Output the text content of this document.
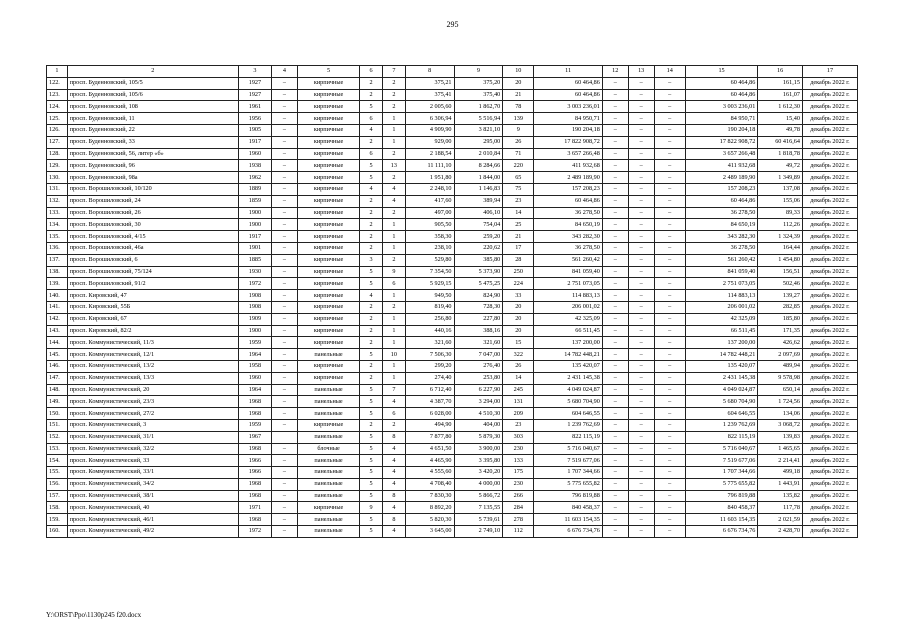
295
1	2	3	4	5	6	7	8	9	10	11	12	13	14	15	16	17
122.	просп. Буденновский, 105/5	1927	–	кирпичные	2	2	375,21	375,20	20	60 464,86	–	–	–	60 464,86	161,15	декабрь 2022 г.
123.	просп. Буденновский, 105/6	1927	–	кирпичные	2	2	375,41	375,40	21	60 464,86	–	–	–	60 464,86	161,07	декабрь 2022 г.
124.	просп. Буденновский, 108	1961	–	кирпичные	5	2	2 005,60	1 862,70	78	3 003 236,01	–	–	–	3 003 236,01	1 612,30	декабрь 2022 г.
125.	просп. Буденновский, 11	1956	–	кирпичные	6	1	6 306,94	5 516,94	139	84 950,71	–	–	–	84 950,71	15,40	декабрь 2022 г.
126.	просп. Буденновский, 22	1905	–	кирпичные	4	1	4 909,90	3 821,10	9	190 204,18	–	–	–	190 204,18	49,78	декабрь 2022 г.
127.	просп. Буденновский, 33	1917	–	кирпичные	2	1	929,00	295,00	26	17 822 908,72	–	–	–	17 822 908,72	60 416,64	декабрь 2022 г.
128.	просп. Буденновский, 56, литер «б»	1960	–	кирпичные	6	2	2 188,54	2 010,84	71	3 657 266,48	–	–	–	3 657 266,48	1 818,78	декабрь 2022 г.
129.	просп. Буденновский, 96	1938	–	кирпичные	5	13	11 111,10	8 284,66	220	411 932,68	–	–	–	411 932,68	49,72	декабрь 2022 г.
130.	просп. Буденновский, 98а	1962	–	кирпичные	5	2	1 951,80	1 844,00	65	2 489 189,90	–	–	–	2 489 189,90	1 349,89	декабрь 2022 г.
131.	просп. Ворошиловский, 10/120	1889	–	кирпичные	4	4	2 248,10	1 146,83	75	157 208,23	–	–	–	157 208,23	137,08	декабрь 2022 г.
132.	просп. Ворошиловский, 24	1859	–	кирпичные	2	4	417,60	389,94	23	60 464,86	–	–	–	60 464,86	155,06	декабрь 2022 г.
133.	просп. Ворошиловский, 26	1900	–	кирпичные	2	2	497,00	406,10	14	36 278,50	–	–	–	36 278,50	89,33	декабрь 2022 г.
134.	просп. Ворошиловский, 30	1900	–	кирпичные	2	1	905,50	754,04	25	84 650,19	–	–	–	84 650,19	112,26	декабрь 2022 г.
135.	просп. Ворошиловский, 4/15	1917	–	кирпичные	2	1	358,30	259,20	21	343 282,30	–	–	–	343 282,30	1 324,39	декабрь 2022 г.
136.	просп. Ворошиловский, 46а	1901	–	кирпичные	2	1	238,10	220,62	17	36 278,50	–	–	–	36 278,50	164,44	декабрь 2022 г.
137.	просп. Ворошиловский, 6	1885	–	кирпичные	3	2	529,80	385,80	28	561 260,42	–	–	–	561 260,42	1 454,80	декабрь 2022 г.
138.	просп. Ворошиловский, 75/124	1930	–	кирпичные	5	9	7 354,50	5 373,90	250	841 059,40	–	–	–	841 059,40	156,51	декабрь 2022 г.
139.	просп. Ворошиловский, 91/2	1972	–	кирпичные	5	6	5 929,15	5 475,25	224	2 751 073,05	–	–	–	2 751 073,05	502,46	декабрь 2022 г.
140.	просп. Кировский, 47	1908	–	кирпичные	4	1	949,50	824,90	33	114 883,13	–	–	–	114 883,13	139,27	декабрь 2022 г.
141.	просп. Кировский, 55Б	1908	–	кирпичные	2	2	819,40	728,30	20	206 001,02	–	–	–	206 001,02	282,85	декабрь 2022 г.
142.	просп. Кировский, 67	1909	–	кирпичные	2	1	256,80	227,80	20	42 325,09	–	–	–	42 325,09	185,80	декабрь 2022 г.
143.	просп. Кировский, 82/2	1900	–	кирпичные	2	1	440,16	388,16	20	66 511,45	–	–	–	66 511,45	171,35	декабрь 2022 г.
144.	просп. Коммунистический, 11/3	1959	–	кирпичные	2	1	321,60	321,60	15	137 200,00	–	–	–	137 200,00	426,62	декабрь 2022 г.
145.	просп. Коммунистический, 12/1	1964	–	панельные	5	10	7 506,30	7 047,00	322	14 782 448,21	–	–	–	14 782 448,21	2 097,69	декабрь 2022 г.
146.	просп. Коммунистический, 13/2	1958	–	кирпичные	2	1	299,20	276,40	26	135 420,07	–	–	–	135 420,07	489,94	декабрь 2022 г.
147.	просп. Коммунистический, 13/3	1960	–	кирпичные	2	1	274,40	253,80	14	2 431 145,38	–	–	–	2 431 145,38	9 578,98	декабрь 2022 г.
148.	просп. Коммунистический, 20	1964	–	панельные	5	7	6 712,40	6 227,90	245	4 049 024,87	–	–	–	4 049 024,87	650,14	декабрь 2022 г.
149.	просп. Коммунистический, 23/3	1968	–	панельные	5	4	4 387,70	3 294,00	131	5 680 704,90	–	–	–	5 680 704,90	1 724,56	декабрь 2022 г.
150.	просп. Коммунистический, 27/2	1968	–	панельные	5	6	6 028,00	4 510,30	209	604 646,55	–	–	–	604 646,55	134,06	декабрь 2022 г.
151.	просп. Коммунистический, 3	1959	–	кирпичные	2	2	494,90	404,00	23	1 239 762,69	–	–	–	1 239 762,69	3 068,72	декабрь 2022 г.
152.	просп. Коммунистический, 31/1	1967		панельные	5	8	7 877,80	5 879,30	303	822 115,19	–	–	–	822 115,19	139,83	декабрь 2022 г.
153.	просп. Коммунистический, 32/2	1968	–	блочные	5	4	4 651,50	3 900,00	230	5 716 040,67	–	–	–	5 716 040,67	1 465,65	декабрь 2022 г.
154.	просп. Коммунистический, 33	1966	–	панельные	5	4	4 465,90	3 395,80	133	7 519 677,06	–	–	–	7 519 677,06	2 214,41	декабрь 2022 г.
155.	просп. Коммунистический, 33/1	1966	–	панельные	5	4	4 555,60	3 420,20	175	1 707 344,66	–	–	–	1 707 344,66	499,18	декабрь 2022 г.
156.	просп. Коммунистический, 34/2	1968	–	панельные	5	4	4 708,40	4 000,00	230	5 775 655,82	–	–	–	5 775 655,82	1 443,91	декабрь 2022 г.
157.	просп. Коммунистический, 38/1	1968	–	панельные	5	8	7 830,30	5 866,72	266	796 819,88	–	–	–	796 819,88	135,82	декабрь 2022 г.
158.	просп. Коммунистический, 40	1971	–	кирпичные	9	4	8 892,20	7 135,55	284	840 458,37	–	–	–	840 458,37	117,78	декабрь 2022 г.
159.	просп. Коммунистический, 46/1	1968	–	панельные	5	8	5 820,30	5 739,61	278	11 603 154,35	–	–	–	11 603 154,35	2 021,59	декабрь 2022 г.
160.	просп. Коммунистический, 49/2	1972	–	панельные	5	4	3 645,00	2 749,10	112	6 676 734,76	–	–	–	6 676 734,76	2 428,70	декабрь 2022 г.
Y:\ORST\Ppo\1130p245 f20.docx
